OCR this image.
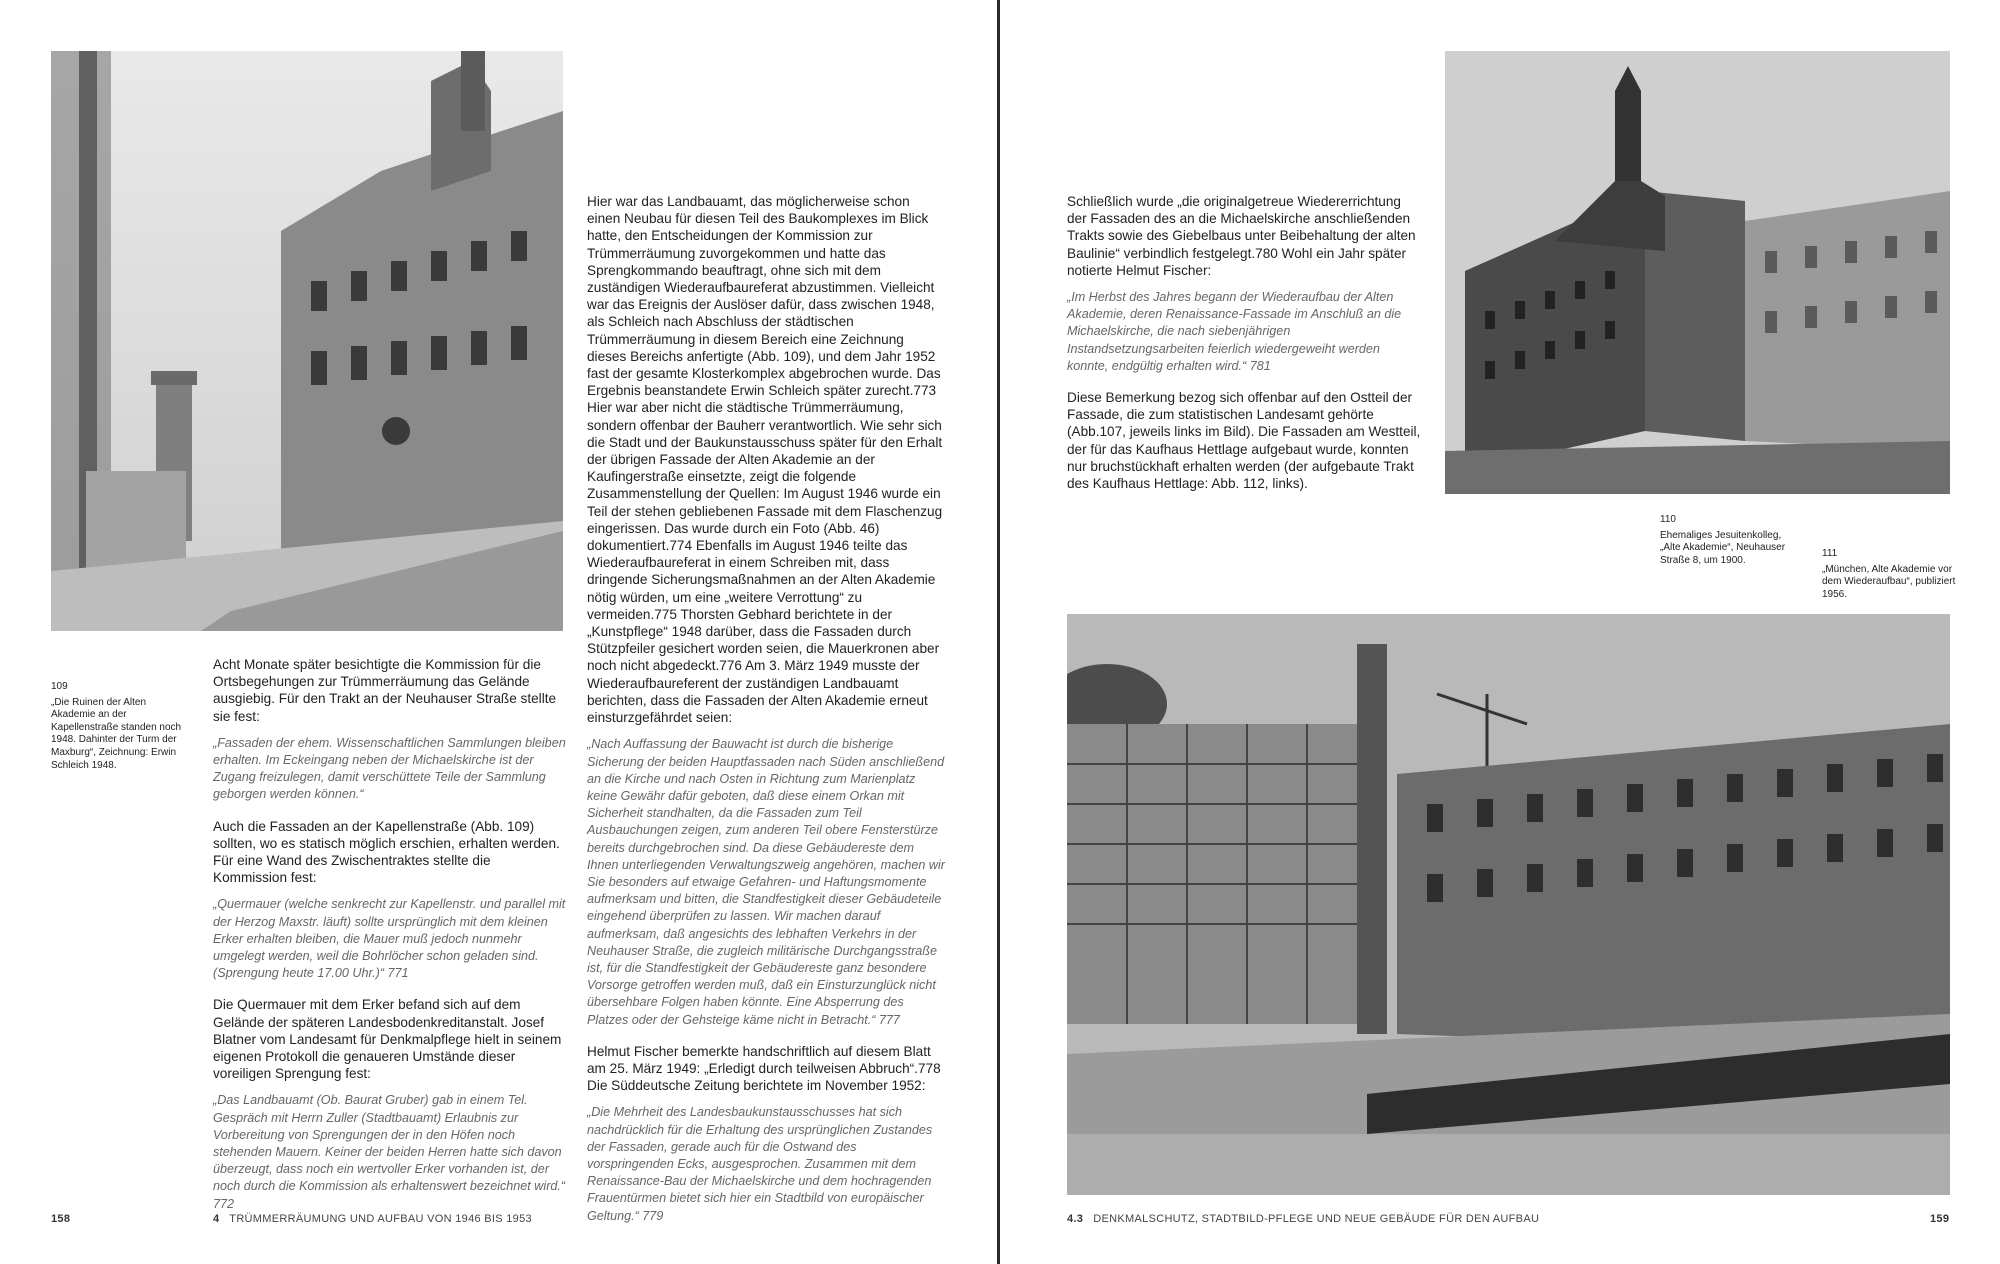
109
„Die Ruinen der Alten Akademie an der Kapellenstraße standen noch 1948. Dahinter der Turm der Maxburg“, Zeichnung: Erwin Schleich 1948.

Acht Monate später besichtigte die Kommission für die Ortsbegehungen zur Trümmerräumung das Gelände ausgiebig. Für den Trakt an der Neuhauser Straße stellte sie fest:

„Fassaden der ehem. Wissenschaftlichen Sammlungen bleiben erhalten. Im Eckeingang neben der Michaelskirche ist der Zugang freizulegen, damit verschüttete Teile der Sammlung geborgen werden können.“

Auch die Fassaden an der Kapellenstraße (Abb. 109) sollten, wo es statisch möglich erschien, erhalten werden. Für eine Wand des Zwischentraktes stellte die Kommission fest:

„Quermauer (welche senkrecht zur Kapellenstr. und parallel mit der Herzog Maxstr. läuft) sollte ursprünglich mit dem kleinen Erker erhalten bleiben, die Mauer muß jedoch nunmehr umgelegt werden, weil die Bohrlöcher schon geladen sind. (Sprengung heute 17.00 Uhr.)“ 771

Die Quermauer mit dem Erker befand sich auf dem Gelände der späteren Landesbodenkreditanstalt. Josef Blatner vom Landesamt für Denkmalpflege hielt in seinem eigenen Protokoll die genaueren Umstände dieser voreiligen Sprengung fest:

„Das Landbauamt (Ob. Baurat Gruber) gab in einem Tel. Gespräch mit Herrn Zuller (Stadtbauamt) Erlaubnis zur Vorbereitung von Sprengungen der in den Höfen noch stehenden Mauern. Keiner der beiden Herren hatte sich davon überzeugt, dass noch ein wertvoller Erker vorhanden ist, der noch durch die Kommission als erhaltenswert bezeichnet wird.“ 772

Hier war das Landbauamt, das möglicherweise schon einen Neubau für diesen Teil des Baukomplexes im Blick hatte, den Entscheidungen der Kommission zur Trümmerräumung zuvorgekommen und hatte das Sprengkommando beauftragt, ohne sich mit dem zuständigen Wiederaufbaureferat abzustimmen. Vielleicht war das Ereignis der Auslöser dafür, dass zwischen 1948, als Schleich nach Abschluss der städtischen Trümmerräumung in diesem Bereich eine Zeichnung dieses Bereichs anfertigte (Abb. 109), und dem Jahr 1952 fast der gesamte Klosterkomplex abgebrochen wurde. Das Ergebnis beanstandete Erwin Schleich später zurecht.773 Hier war aber nicht die städtische Trümmerräumung, sondern offenbar der Bauherr verantwortlich. Wie sehr sich die Stadt und der Baukunstausschuss später für den Erhalt der übrigen Fassade der Alten Akademie an der Kaufingerstraße einsetzte, zeigt die folgende Zusammenstellung der Quellen: Im August 1946 wurde ein Teil der stehen gebliebenen Fassade mit dem Flaschenzug eingerissen. Das wurde durch ein Foto (Abb. 46) dokumentiert.774 Ebenfalls im August 1946 teilte das Wiederaufbaureferat in einem Schreiben mit, dass dringende Sicherungsmaßnahmen an der Alten Akademie nötig würden, um eine „weitere Verrottung“ zu vermeiden.775 Thorsten Gebhard berichtete in der „Kunstpflege“ 1948 darüber, dass die Fassaden durch Stützpfeiler gesichert worden seien, die Mauerkronen aber noch nicht abgedeckt.776 Am 3. März 1949 musste der Wiederaufbaureferent der zuständigen Landbauamt berichten, dass die Fassaden der Alten Akademie erneut einsturzgefährdet seien:

„Nach Auffassung der Bauwacht ist durch die bisherige Sicherung der beiden Hauptfassaden nach Süden anschließend an die Kirche und nach Osten in Richtung zum Marienplatz keine Gewähr dafür geboten, daß diese einem Orkan mit Sicherheit standhalten, da die Fassaden zum Teil Ausbauchungen zeigen, zum anderen Teil obere Fensterstürze bereits durchgebrochen sind. Da diese Gebäudereste dem Ihnen unterliegenden Verwaltungszweig angehören, machen wir Sie besonders auf etwaige Gefahren- und Haftungsmomente aufmerksam und bitten, die Standfestigkeit dieser Gebäudeteile eingehend überprüfen zu lassen. Wir machen darauf aufmerksam, daß angesichts des lebhaften Verkehrs in der Neuhauser Straße, die zugleich militärische Durchgangsstraße ist, für die Standfestigkeit der Gebäudereste ganz besondere Vorsorge getroffen werden muß, daß ein Einsturzunglück nicht übersehbare Folgen haben könnte. Eine Absperrung des Platzes oder der Gehsteige käme nicht in Betracht.“ 777

Helmut Fischer bemerkte handschriftlich auf diesem Blatt am 25. März 1949: „Erledigt durch teilweisen Abbruch“.778 Die Süddeutsche Zeitung berichtete im November 1952:

„Die Mehrheit des Landesbaukunstausschusses hat sich nachdrücklich für die Erhaltung des ursprünglichen Zustandes der Fassaden, gerade auch für die Ostwand des vorspringenden Ecks, ausgesprochen. Zusammen mit dem Renaissance-Bau der Michaelskirche und dem hochragenden Frauentürmen bietet sich hier ein Stadtbild von europäischer Geltung.“ 779

158	4 TRÜMMERRÄUMUNG UND AUFBAU VON 1946 BIS 1953

Schließlich wurde „die originalgetreue Wiedererrichtung der Fassaden des an die Michaelskirche anschließenden Trakts sowie des Giebelbaus unter Beibehaltung der alten Baulinie“ verbindlich festgelegt.780 Wohl ein Jahr später notierte Helmut Fischer:

„Im Herbst des Jahres begann der Wiederaufbau der Alten Akademie, deren Renaissance-Fassade im Anschluß an die Michaelskirche, die nach siebenjährigen Instandsetzungsarbeiten feierlich wiedergeweiht werden konnte, endgültig erhalten wird.“ 781

Diese Bemerkung bezog sich offenbar auf den Ostteil der Fassade, die zum statistischen Landesamt gehörte (Abb.107, jeweils links im Bild). Die Fassaden am Westteil, der für das Kaufhaus Hettlage aufgebaut wurde, konnten nur bruchstückhaft erhalten werden (der aufgebaute Trakt des Kaufhaus Hettlage: Abb. 112, links).

110
Ehemaliges Jesuitenkolleg, „Alte Akademie“, Neuhauser Straße 8, um 1900.
111
„München, Alte Akademie vor dem Wiederaufbau“, publiziert 1956.
4.3 DENKMALSCHUTZ, STADTBILD-PFLEGE UND NEUE GEBÄUDE FÜR DEN AUFBAU	159
